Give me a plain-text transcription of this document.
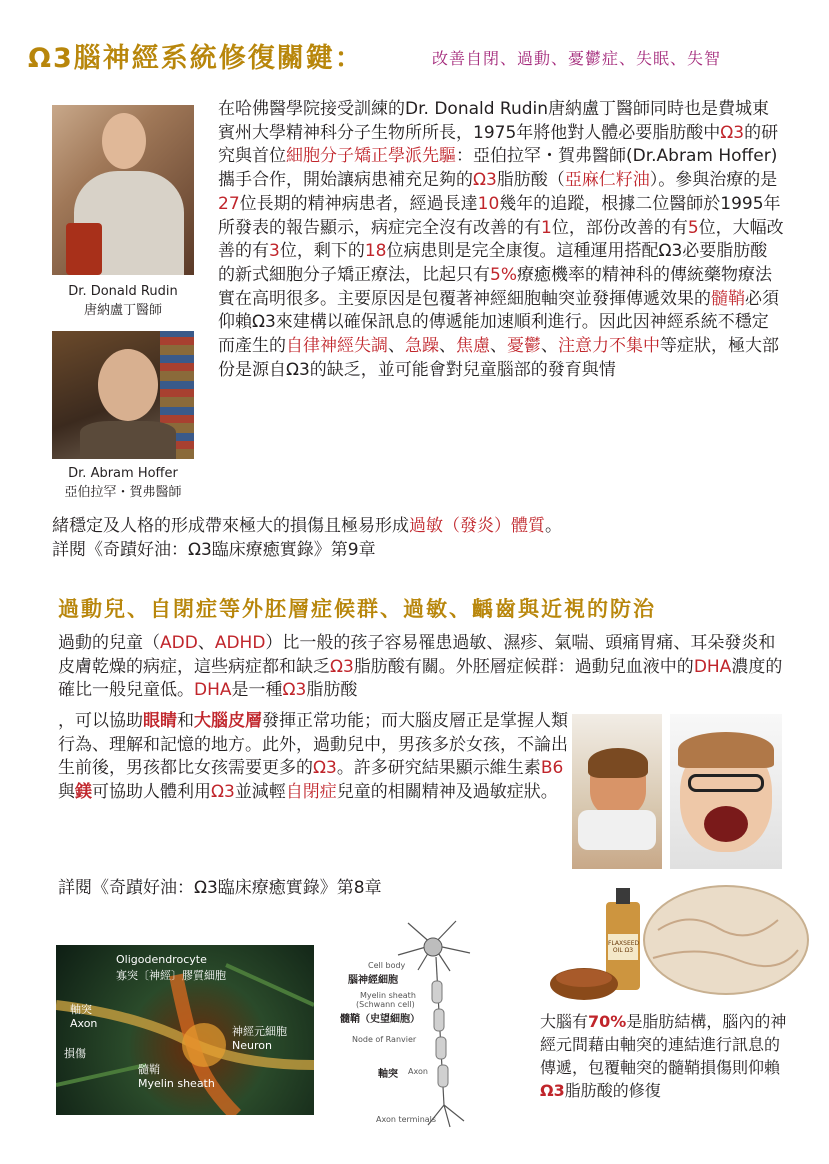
Ω3腦神經系統修復關鍵：	改善自閉、過動、憂鬱症、失眠、失智
Dr. Donald Rudin
唐納盧丁醫師
Dr. Abram Hoffer
亞伯拉罕・賀弗醫師
在哈佛醫學院接受訓練的Dr. Donald Rudin唐納盧丁醫師同時也是費城東賓州大學精神科分子生物所所長，1975年將他對人體必要脂肪酸中Ω3的研究與首位細胞分子矯正學派先驅：亞伯拉罕・賀弗醫師(Dr.Abram Hoffer)攜手合作，開始讓病患補充足夠的Ω3脂肪酸（亞麻仁籽油）。參與治療的是27位長期的精神病患者，經過長達10幾年的追蹤，根據二位醫師於1995年所發表的報告顯示，病症完全沒有改善的有1位，部份改善的有5位，大幅改善的有3位，剩下的18位病患則是完全康復。這種運用搭配Ω3必要脂肪酸的新式細胞分子矯正療法，比起只有5%療癒機率的精神科的傳統藥物療法實在高明很多。主要原因是包覆著神經細胞軸突並發揮傳遞效果的髓鞘必須仰賴Ω3來建構以確保訊息的傳遞能加速順利進行。因此因神經系統不穩定而產生的自律神經失調、急躁、焦慮、憂鬱、注意力不集中等症狀，極大部份是源自Ω3的缺乏，並可能會對兒童腦部的發育與情
緒穩定及人格的形成帶來極大的損傷且極易形成過敏（發炎）體質。
詳閱《奇蹟好油：Ω3臨床療癒實錄》第9章
過動兒、自閉症等外胚層症候群、過敏、齲齒與近視的防治
過動的兒童（ADD、ADHD）比一般的孩子容易罹患過敏、濕疹、氣喘、頭痛胃痛、耳朵發炎和皮膚乾燥的病症，這些病症都和缺乏Ω3脂肪酸有關。外胚層症候群：過動兒血液中的DHA濃度的確比一般兒童低。DHA是一種Ω3脂肪酸
，可以協助眼睛和大腦皮層發揮正常功能；而大腦皮層正是掌握人類行為、理解和記憶的地方。此外，過動兒中，男孩多於女孩，不論出生前後，男孩都比女孩需要更多的Ω3。許多研究結果顯示維生素B6與鎂可協助人體利用Ω3並減輕自閉症兒童的相關精神及過敏症狀。
詳閱《奇蹟好油：Ω3臨床療癒實錄》第8章
Oligodendrocyte
寡突〔神經〕膠質細胞
軸突
Axon
損傷
神經元細胞
Neuron
髓鞘
Myelin sheath
Cell body
腦神經細胞
Myelin sheath
(Schwann cell)
髓鞘（史望細胞）
Node of Ranvier
軸突 Axon
Axon terminals
FLAXSEED OIL Ω3
大腦有70%是脂肪結構，腦內的神經元間藉由軸突的連結進行訊息的傳遞，包覆軸突的髓鞘損傷則仰賴Ω3脂肪酸的修復
